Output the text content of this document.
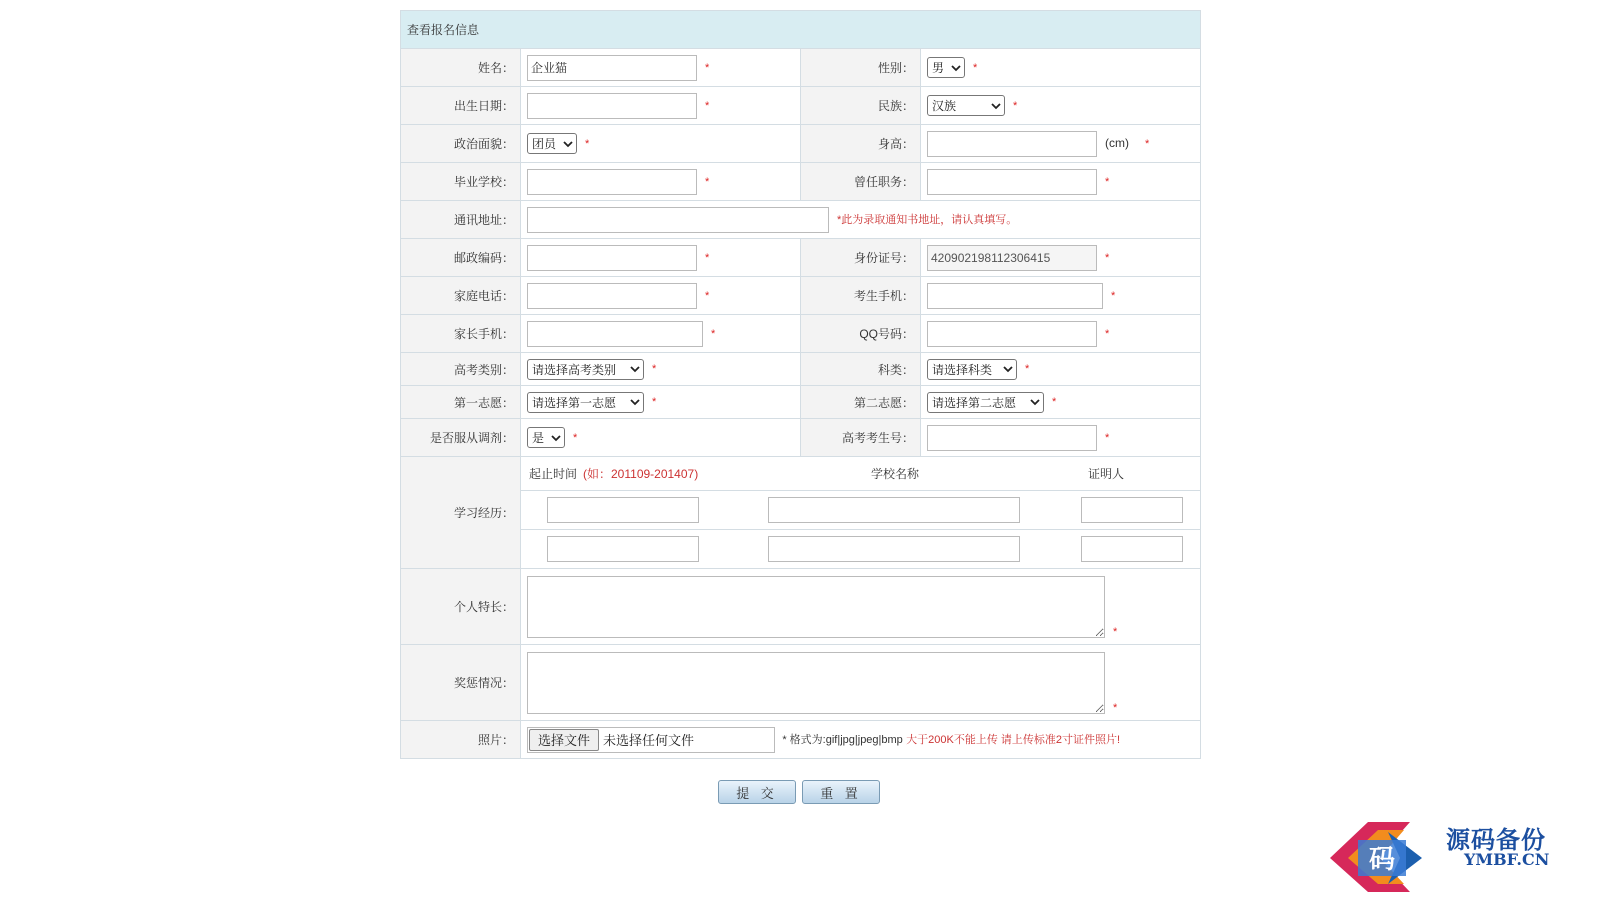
查看报名信息			
姓名：	企业猫*	性别：	男 *
出生日期：	*	民族：	汉族 *
政治面貌：	团员 *	身高：	(cm) *
毕业学校：	*	曾任职务：	*
通讯地址：	*此为录取通知书地址，请认真填写。		
邮政编码：	*	身份证号：	420902198112306415*
家庭电话：	*	考生手机：	*
家长手机：	*	QQ号码：	*
高考类别：	请选择高考类别 *	科类：	请选择科类 *
第一志愿：	请选择第一志愿 *	第二志愿：	请选择第二志愿 *
是否服从调剂：	是 *	高考考生号：	*
学习经历：	起止时间 (如：201109-201407) 学校名称 证明人		

个人特长：	*		
奖惩情况：	*		
照片：	选择文件 未选择任何文件 * 格式为:gif|jpg|jpeg|bmp 大于200K不能上传 请上传标准2寸证件照片!		
提 交	重 置
码
源码备份
YMBF.CN
